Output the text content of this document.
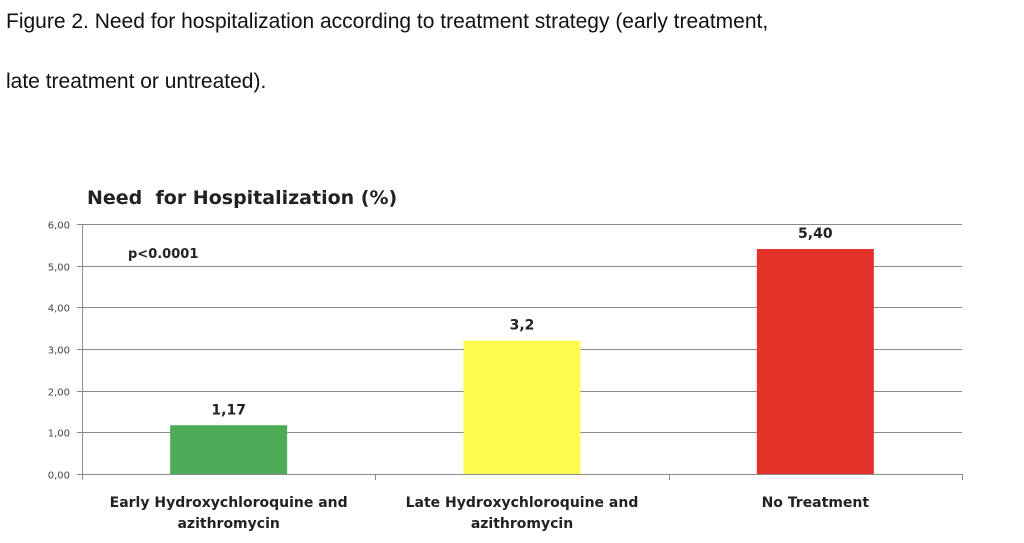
Figure 2. Need for hospitalization according to treatment strategy (early treatment,
late treatment or untreated).
Need  for Hospitalization (%)
0,00
1,00
2,00
3,00
4,00
5,00
6,00
1,17
3,2
5,40
Early Hydroxychloroquine and
azithromycin
Late Hydroxychloroquine and
azithromycin
No Treatment
p<0.0001
